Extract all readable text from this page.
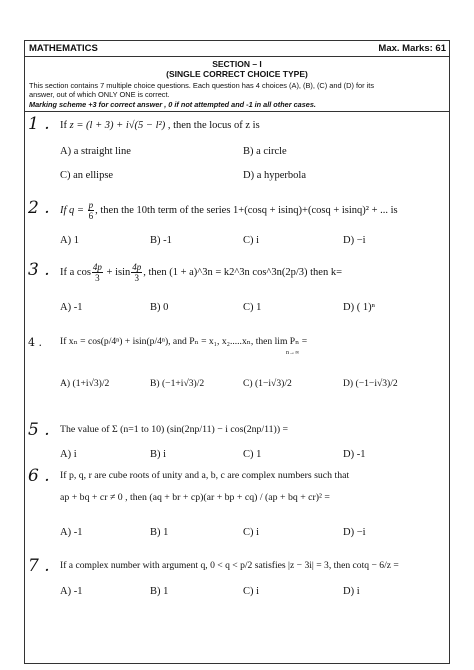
MATHEMATICS	Max. Marks: 61
SECTION – I
(SINGLE CORRECT CHOICE TYPE)
This section contains 7 multiple choice questions. Each question has 4 choices (A), (B), (C) and (D) for its
answer, out of which ONLY ONE is correct.
Marking scheme +3 for correct answer , 0 if not attempted and -1 in all other cases.
1 . If z = (l + 3) + i√(5 − l²) , then the locus of z is
A) a straight line	B) a circle
C) an ellipse	D) a hyperbola
2 . If $q = \frac{p}{6}$ , then the 10th term of the series 1+(cosq + isinq)+(cosq + isinq)² + ... is
A) 1	B) -1	C) i	D) −i
3 . If a $\cos \frac{4p}{3} + isin \frac{4p}{3}$ , then (1 + a)^3n = k2^3n cos^3n(2p/3) then k=
A) -1	B) 0	C) 1	D) ( 1)ⁿ
4 . If xₙ = cos(p/4ⁿ) + isin(p/4ⁿ), and Pₙ = x₁, x₂.....xₙ, then lim Pₙ =
n→∞
A) (1+i√3)/2	B) (−1+i√3)/2	C) (1−i√3)/2	D) (−1−i√3)/2
5 . The value of Σ (n=1 to 10) (sin(2np/11) − i cos(2np/11)) =
A) i	B) i	C) 1	D) -1
6 . If p, q, r are cube roots of unity and a, b, c are complex numbers such that
ap + bq + cr ≠ 0 , then (aq + br + cp)(ar + bp + cq) / (ap + bq + cr)² =
A) -1	B) 1	C) i	D) −i
7 . If a complex number with argument q, 0 < q < p/2 satisfies |z − 3i| = 3, then cotq − 6/z =
A) -1	B) 1	C) i	D) i
